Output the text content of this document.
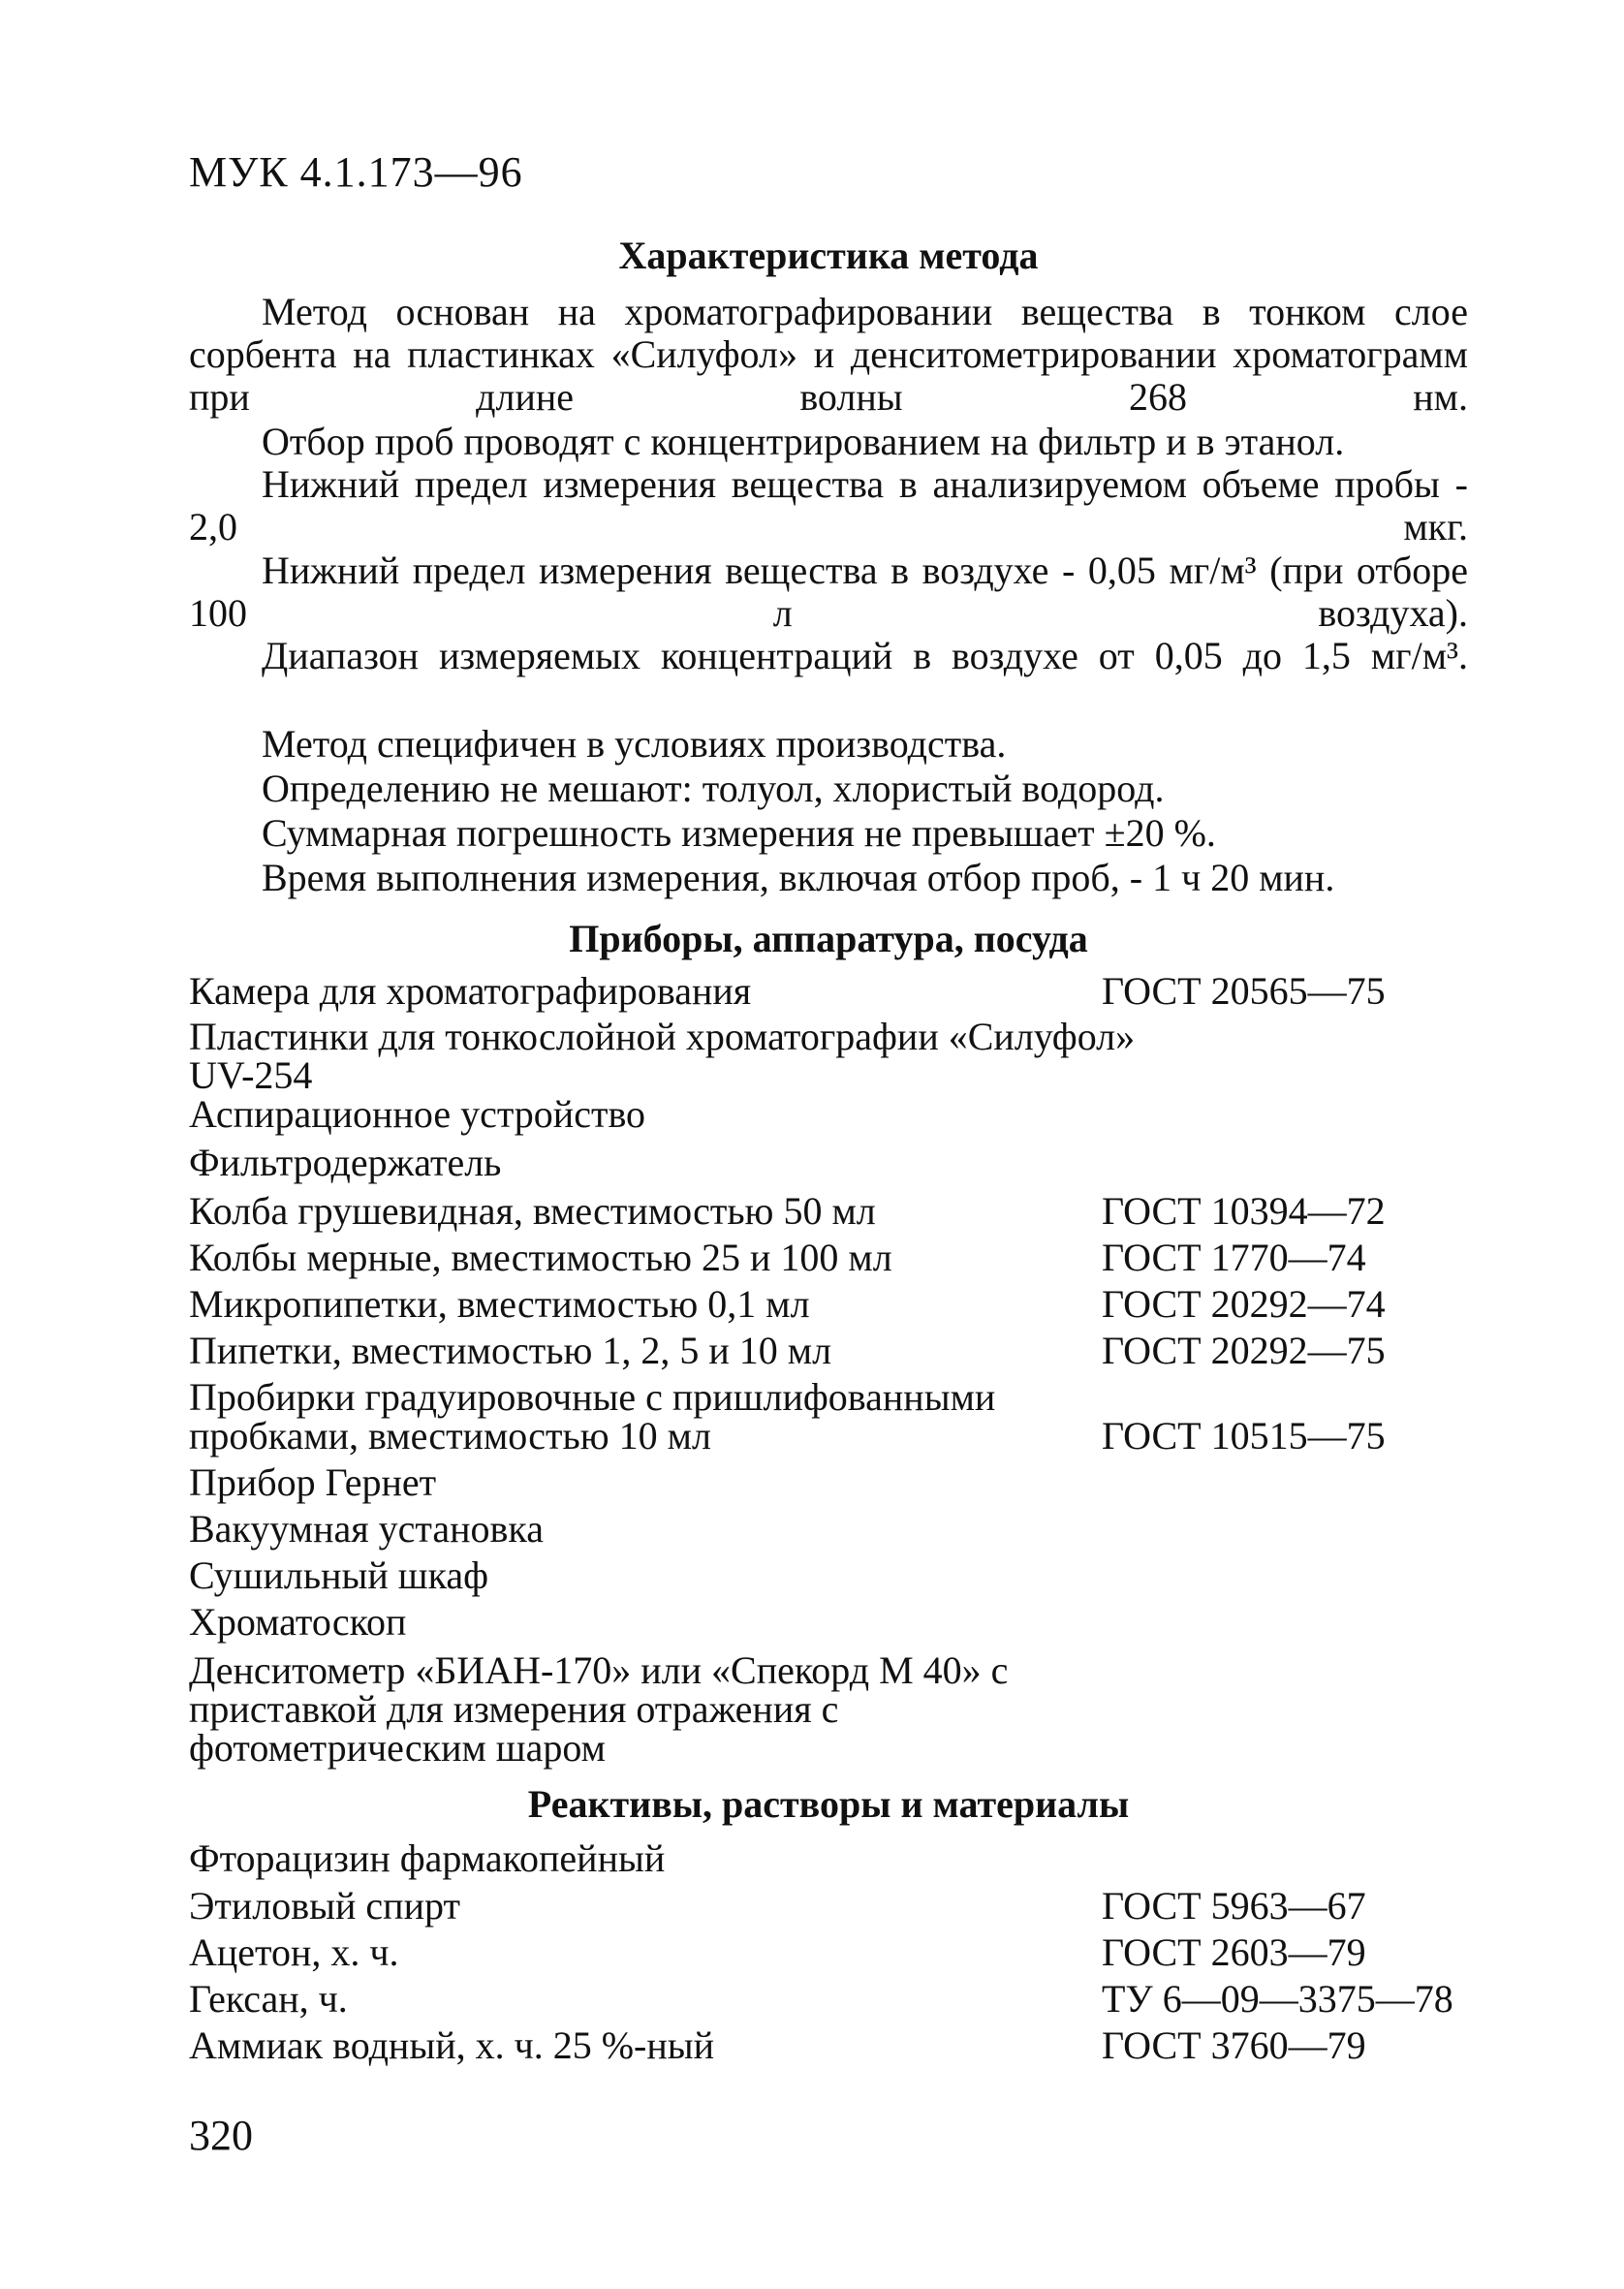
МУК 4.1.173—96
Характеристика метода
Метод основан на хроматографировании вещества в тонком слое сорбента на пластинках «Силуфол» и денситометрировании хроматограмм при длине волны 268 нм.
Отбор проб проводят с концентрированием на фильтр и в этанол.
Нижний предел измерения вещества в анализируемом объеме пробы - 2,0 мкг.
Нижний предел измерения вещества в воздухе - 0,05 мг/м³ (при отборе 100 л воздуха).
Диапазон измеряемых концентраций в воздухе от 0,05 до 1,5 мг/м³.
Метод специфичен в условиях производства.
Определению не мешают: толуол, хлористый водород.
Суммарная погрешность измерения не превышает ±20 %.
Время выполнения измерения, включая отбор проб, - 1 ч 20 мин.
Приборы, аппаратура, посуда
Камера для хроматографирования	ГОСТ 20565—75
Пластинки для тонкослойной хроматографии «Силуфол» UV-254
Аспирационное устройство
Фильтродержатель
Колба грушевидная, вместимостью 50 мл	ГОСТ 10394—72
Колбы мерные, вместимостью 25 и 100 мл	ГОСТ 1770—74
Микропипетки, вместимостью 0,1 мл	ГОСТ 20292—74
Пипетки, вместимостью 1, 2, 5 и 10 мл	ГОСТ 20292—75
Пробирки градуировочные с пришлифованными пробками, вместимостью 10 мл	ГОСТ 10515—75
Прибор Гернет
Вакуумная установка
Сушильный шкаф
Хроматоскоп
Денситометр «БИАН-170» или «Спекорд М 40» с приставкой для измерения отражения с фотометрическим шаром
Реактивы, растворы и материалы
Фторацизин фармакопейный
Этиловый спирт	ГОСТ 5963—67
Ацетон, х. ч.	ГОСТ 2603—79
Гексан, ч.	ТУ 6—09—3375—78
Аммиак водный, х. ч. 25 %-ный	ГОСТ 3760—79
320
